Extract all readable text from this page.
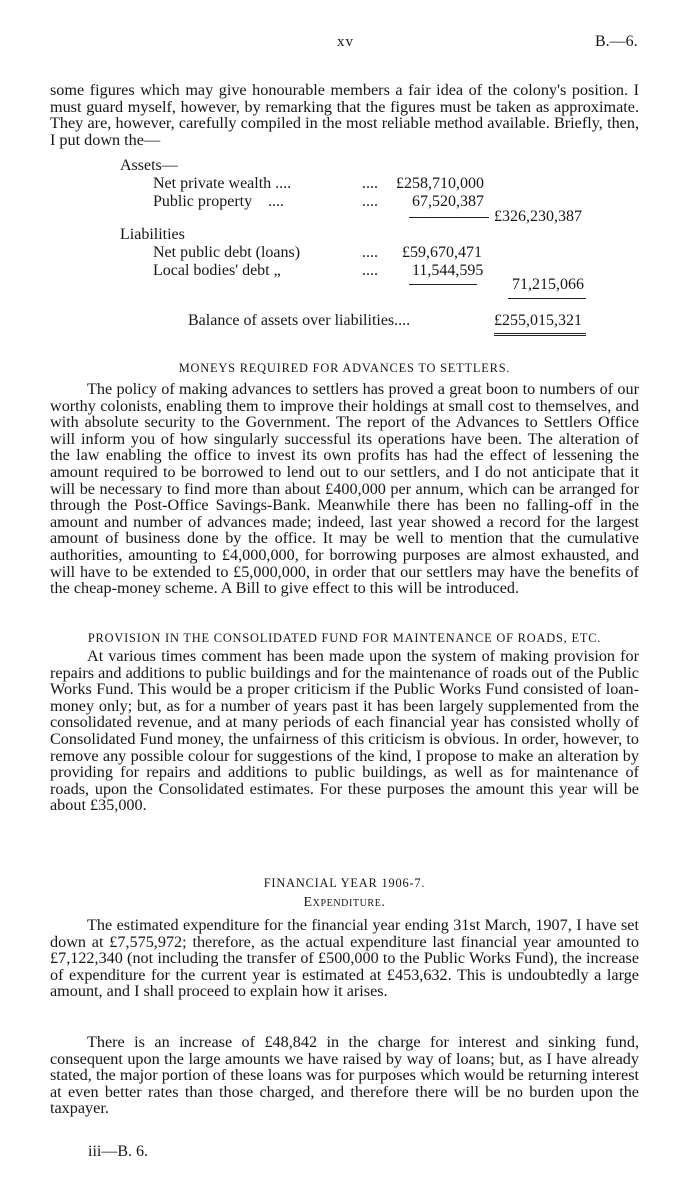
xv	B.—6.

some figures which may give honourable members a fair idea of the colony's position. I must guard myself, however, by remarking that the figures must be taken as approximate. They are, however, carefully compiled in the most reliable method available. Briefly, then, I put down the—

Assets—
Net private wealth ....	.... £258,710,000
Public property ....	.... 67,520,387
£326,230,387
Liabilities
Net public debt (loans)	.... £59,670,471
Local bodies' debt „	.... 11,544,595
71,215,066
Balance of assets over liabilities....	£255,015,321

MONEYS REQUIRED FOR ADVANCES TO SETTLERS.

The policy of making advances to settlers has proved a great boon to numbers of our worthy colonists, enabling them to improve their holdings at small cost to themselves, and with absolute security to the Government. The report of the Advances to Settlers Office will inform you of how singularly successful its operations have been. The alteration of the law enabling the office to invest its own profits has had the effect of lessening the amount required to be borrowed to lend out to our settlers, and I do not anticipate that it will be necessary to find more than about £400,000 per annum, which can be arranged for through the Post-Office Savings-Bank. Meanwhile there has been no falling-off in the amount and number of advances made; indeed, last year showed a record for the largest amount of business done by the office. It may be well to mention that the cumulative authorities, amounting to £4,000,000, for borrowing purposes are almost exhausted, and will have to be extended to £5,000,000, in order that our settlers may have the benefits of the cheap-money scheme. A Bill to give effect to this will be introduced.

PROVISION IN THE CONSOLIDATED FUND FOR MAINTENANCE OF ROADS, ETC.

At various times comment has been made upon the system of making provision for repairs and additions to public buildings and for the maintenance of roads out of the Public Works Fund. This would be a proper criticism if the Public Works Fund consisted of loan-money only; but, as for a number of years past it has been largely supplemented from the consolidated revenue, and at many periods of each financial year has consisted wholly of Consolidated Fund money, the unfairness of this criticism is obvious. In order, however, to remove any possible colour for suggestions of the kind, I propose to make an alteration by providing for repairs and additions to public buildings, as well as for maintenance of roads, upon the Consolidated estimates. For these purposes the amount this year will be about £35,000.

FINANCIAL YEAR 1906-7.

Expenditure.

The estimated expenditure for the financial year ending 31st March, 1907, I have set down at £7,575,972; therefore, as the actual expenditure last financial year amounted to £7,122,340 (not including the transfer of £500,000 to the Public Works Fund), the increase of expenditure for the current year is estimated at £453,632. This is undoubtedly a large amount, and I shall proceed to explain how it arises.

There is an increase of £48,842 in the charge for interest and sinking fund, consequent upon the large amounts we have raised by way of loans; but, as I have already stated, the major portion of these loans was for purposes which would be returning interest at even better rates than those charged, and therefore there will be no burden upon the taxpayer.

iii—B. 6.
